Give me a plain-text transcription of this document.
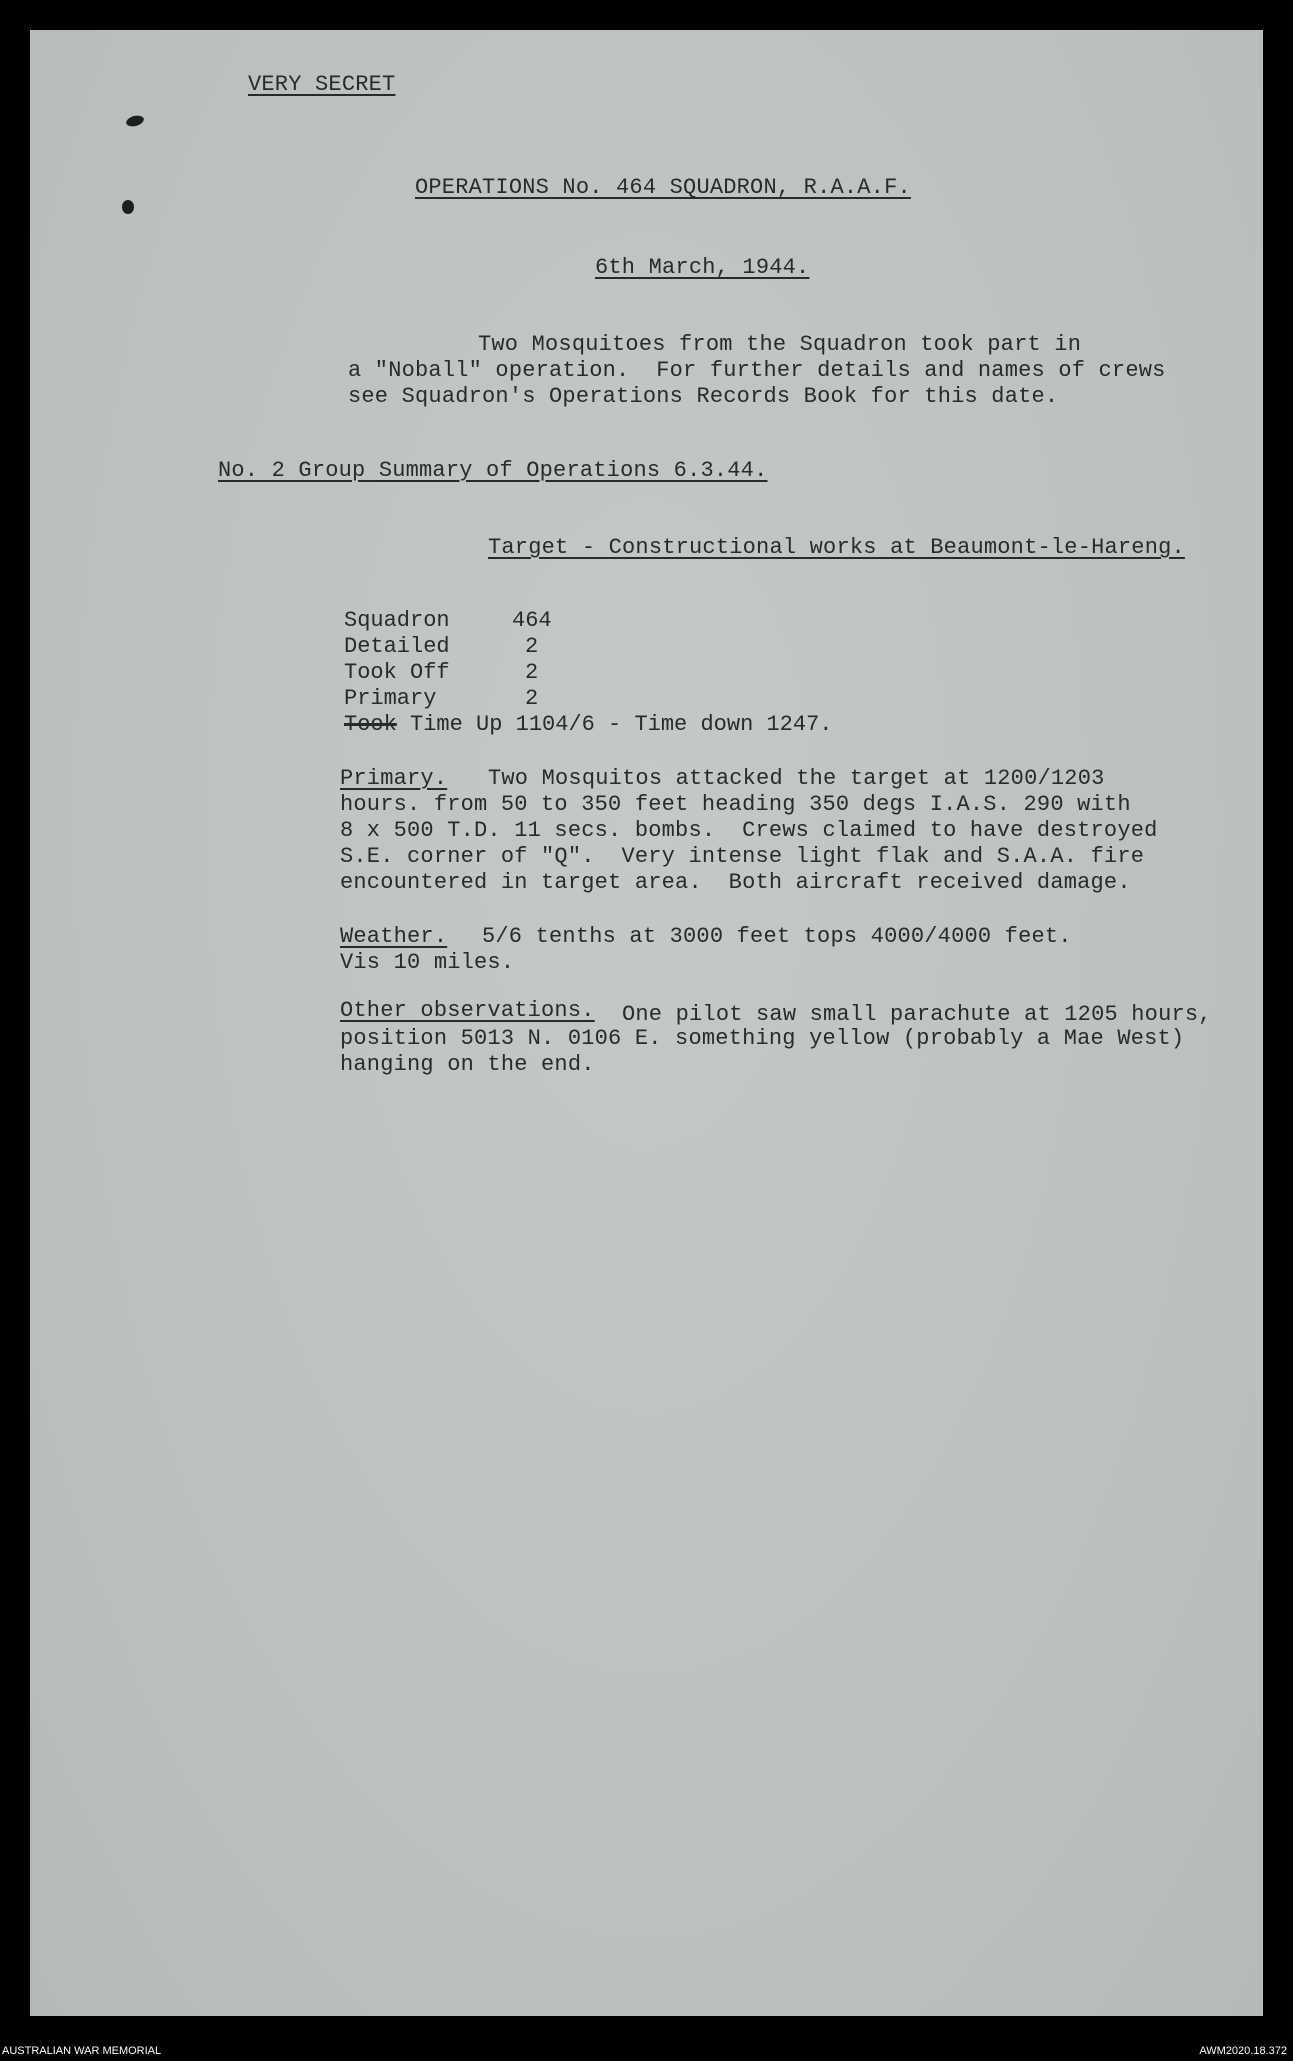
VERY SECRET
OPERATIONS No. 464 SQUADRON, R.A.A.F.
6th March, 1944.
Two Mosquitoes from the Squadron took part in
a "Noball" operation.  For further details and names of crews
see Squadron's Operations Records Book for this date.
No. 2 Group Summary of Operations 6.3.44.
Target - Constructional works at Beaumont-le-Hareng.
Squadron	464
Detailed	2
Took Off	2
Primary	2
Took Time Up 1104/6 - Time down 1247.
Primary. Two Mosquitos attacked the target at 1200/1203
hours. from 50 to 350 feet heading 350 degs I.A.S. 290 with
8 x 500 T.D. 11 secs. bombs.  Crews claimed to have destroyed
S.E. corner of "Q".  Very intense light flak and S.A.A. fire
encountered in target area.  Both aircraft received damage.
Weather. 5/6 tenths at 3000 feet tops 4000/4000 feet.
Vis 10 miles.
Other observations. One pilot saw small parachute at 1205 hours,
position 5013 N. 0106 E. something yellow (probably a Mae West)
hanging on the end.
AUSTRALIAN WAR MEMORIAL	AWM2020.18.372
